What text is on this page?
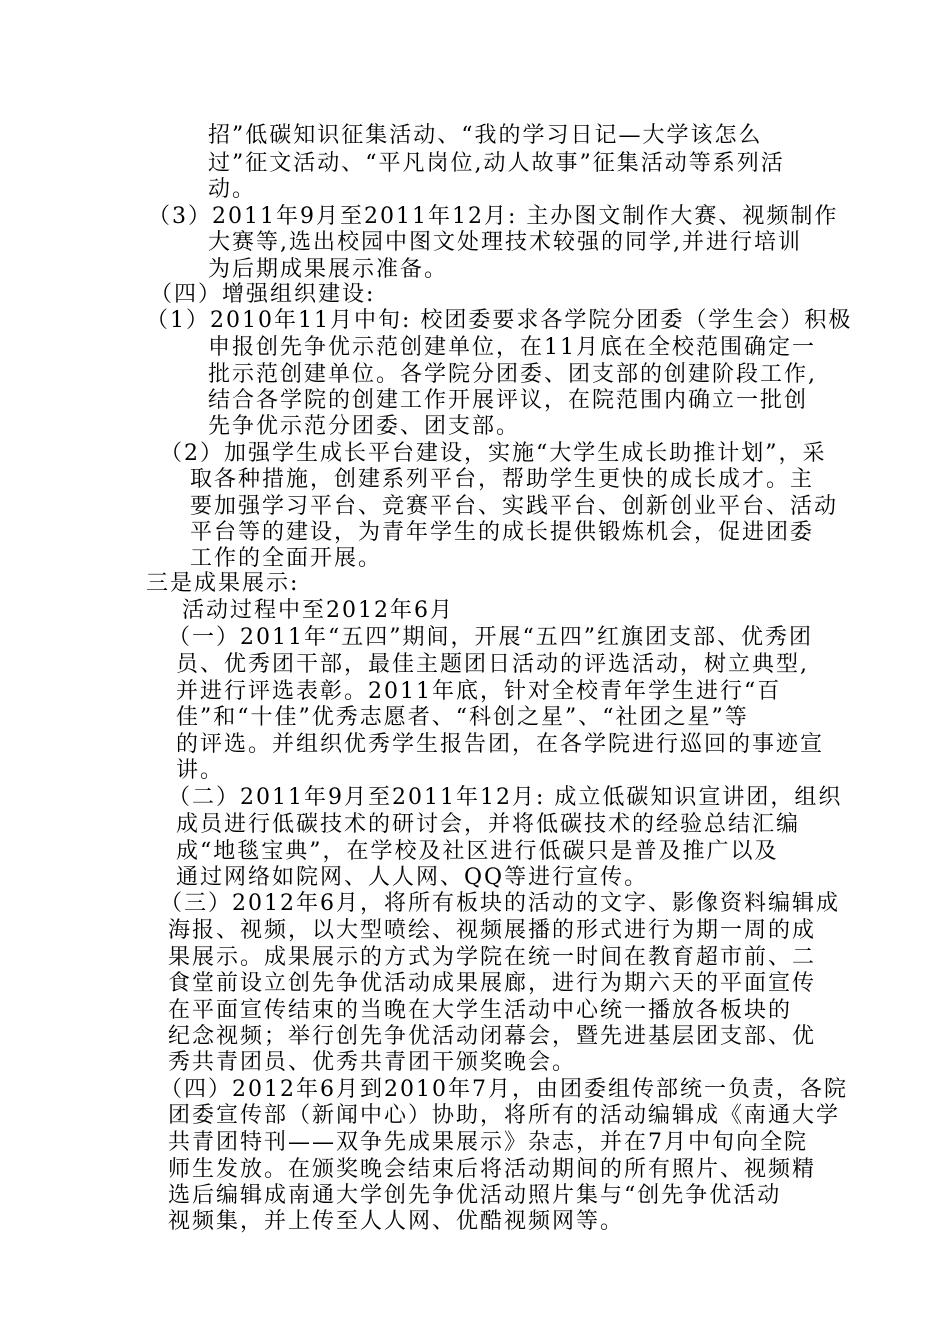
招”低碳知识征集活动、“我的学习日记—大学该怎么
过”征文活动、“平凡岗位,动人故事”征集活动等系列活
动。
（3）2011年9月至2011年12月: 主办图文制作大赛、视频制作
大赛等,选出校园中图文处理技术较强的同学,并进行培训
为后期成果展示准备。
（四）增强组织建设:
（1）2010年11月中旬: 校团委要求各学院分团委（学生会）积极
申报创先争优示范创建单位，在11月底在全校范围确定一
批示范创建单位。各学院分团委、团支部的创建阶段工作,
结合各学院的创建工作开展评议，在院范围内确立一批创
先争优示范分团委、团支部。
（2）加强学生成长平台建设，实施“大学生成长助推计划”，采
取各种措施，创建系列平台，帮助学生更快的成长成才。主
要加强学习平台、竞赛平台、实践平台、创新创业平台、活动
平台等的建设，为青年学生的成长提供锻炼机会，促进团委
工作的全面开展。
三是成果展示:
活动过程中至2012年6月
（一）2011年“五四”期间，开展“五四”红旗团支部、优秀团
员、优秀团干部，最佳主题团日活动的评选活动，树立典型,
并进行评选表彰。2011年底，针对全校青年学生进行“百
佳”和“十佳”优秀志愿者、“科创之星”、“社团之星”等
的评选。并组织优秀学生报告团，在各学院进行巡回的事迹宣
讲。
（二）2011年9月至2011年12月: 成立低碳知识宣讲团，组织
成员进行低碳技术的研讨会，并将低碳技术的经验总结汇编
成“地毯宝典”，在学校及社区进行低碳只是普及推广以及
通过网络如院网、人人网、QQ等进行宣传。
（三）2012年6月，将所有板块的活动的文字、影像资料编辑成
海报、视频，以大型喷绘、视频展播的形式进行为期一周的成
果展示。成果展示的方式为学院在统一时间在教育超市前、二
食堂前设立创先争优活动成果展廊，进行为期六天的平面宣传
在平面宣传结束的当晚在大学生活动中心统一播放各板块的
纪念视频；举行创先争优活动闭幕会，暨先进基层团支部、优
秀共青团员、优秀共青团干颁奖晚会。
（四）2012年6月到2010年7月，由团委组传部统一负责，各院
团委宣传部（新闻中心）协助，将所有的活动编辑成《南通大学
共青团特刊——双争先成果展示》杂志，并在7月中旬向全院
师生发放。在颁奖晚会结束后将活动期间的所有照片、视频精
选后编辑成南通大学创先争优活动照片集与“创先争优活动
视频集，并上传至人人网、优酷视频网等。
